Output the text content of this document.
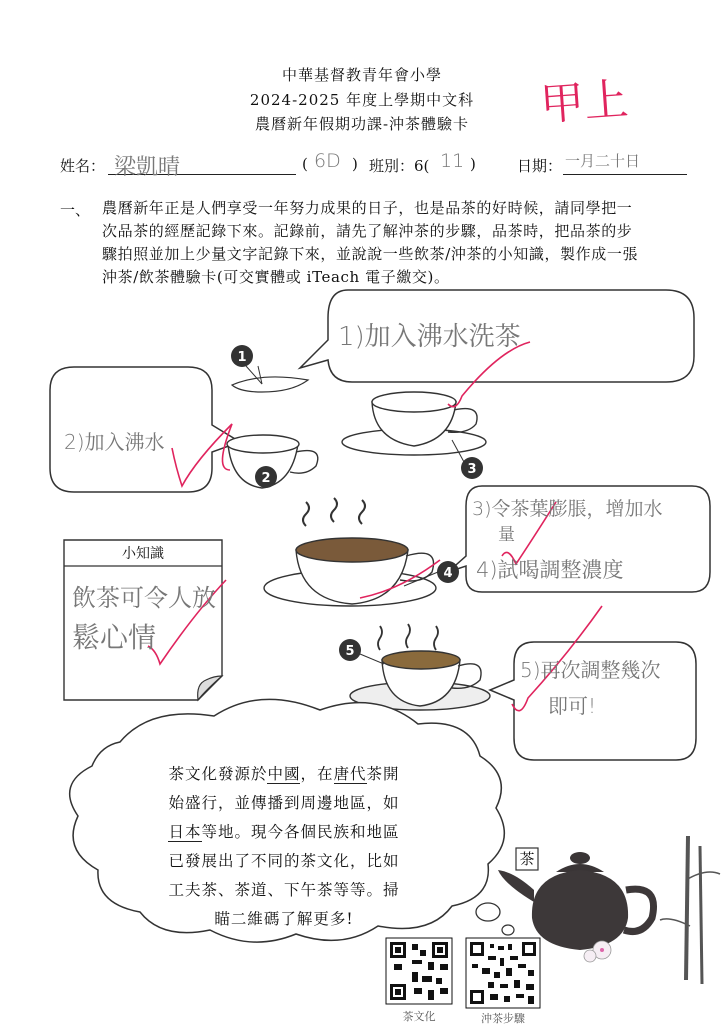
中華基督教青年會小學
2024-2025 年度上學期中文科
農曆新年假期功課-沖茶體驗卡	甲上
姓名： 梁凱晴	( 6D ) 班別：6( 11 )	日期： 一月二十日
一、 農曆新年正是人們享受一年努力成果的日子，也是品茶的好時候，請同學把一
次品茶的經歷記錄下來。記錄前，請先了解沖茶的步驟，品茶時，把品茶的步
驟拍照並加上少量文字記錄下來，並說說一些飲茶/沖茶的小知識，製作成一張
沖茶/飲茶體驗卡(可交實體或 iTeach 電子繳交)。
1
2
3
4
5
1)加入沸水洗茶
2)加入沸水
3)令茶葉膨脹，增加水
量
4)試喝調整濃度
5)再次調整幾次
即可!
小知識
飲茶可令人放
鬆心情
茶文化發源於中國，在唐代茶開
始盛行，並傳播到周邊地區，如
日本等地。現今各個民族和地區
已發展出了不同的茶文化，比如
工夫茶、茶道、下午茶等等。掃
瞄二維碼了解更多!
茶
茶文化	沖茶步驟
